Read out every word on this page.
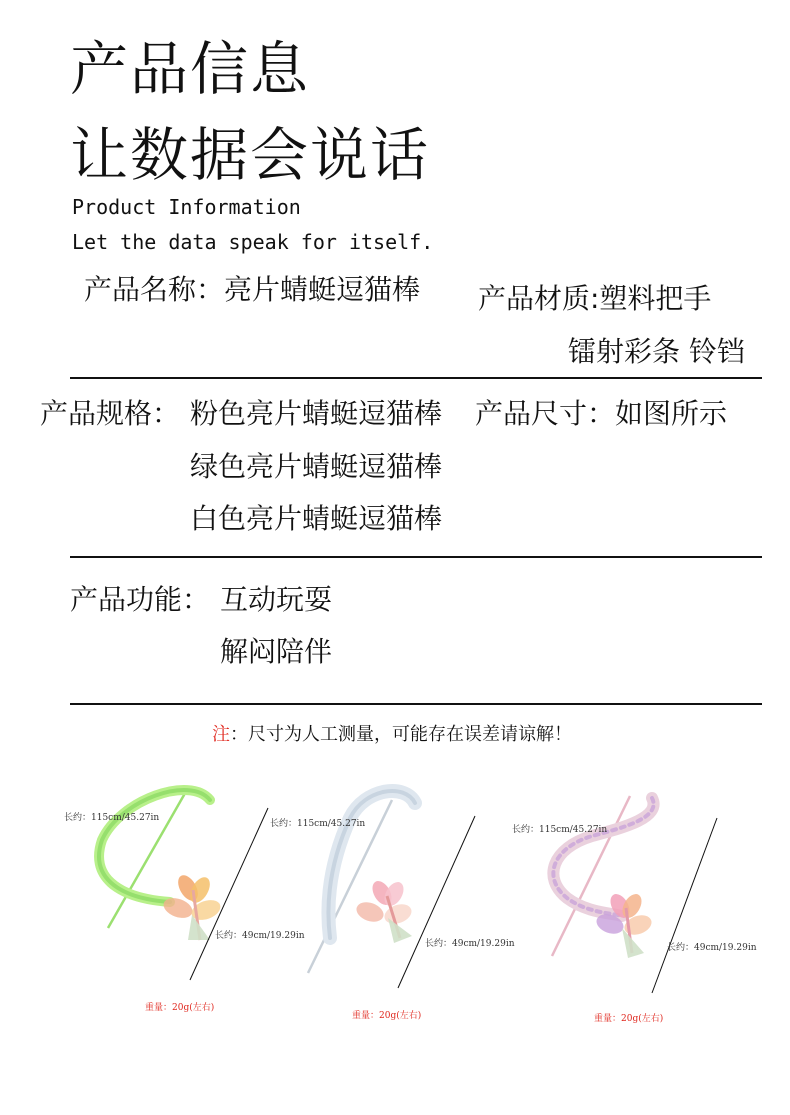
产品信息
让数据会说话
Product Information
Let the data speak for itself.
产品名称：亮片蜻蜓逗猫棒 产品材质:塑料把手
镭射彩条 铃铛
产品规格： 粉色亮片蜻蜓逗猫棒
绿色亮片蜻蜓逗猫棒
白色亮片蜻蜓逗猫棒
产品尺寸：如图所示
产品功能： 互动玩耍
解闷陪伴
注：尺寸为人工测量，可能存在误差请谅解！
长约：115cm/45.27in
长约：49cm/19.29in
重量：20g(左右)
长约：115cm/45.27in
长约：49cm/19.29in
重量：20g(左右)
长约：115cm/45.27in
长约：49cm/19.29in
重量：20g(左右)
